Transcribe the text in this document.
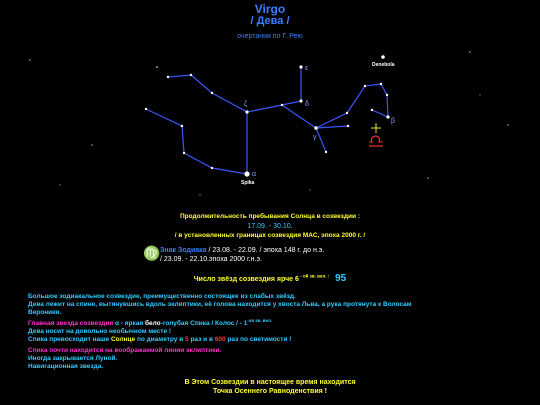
Virgo
/ Дева /
очертания по Г. Рею
ε
δ
ζ
γ
β
α
Spika
Denebola
Продолжительность пребывания Солнца в созвездии :
17.09. - 30.10.
/ в установленных границах созвездия МАС, эпоха 2000 г. /
♍ Знак Зодиака / 23.08. - 22.09. / эпоха 148 г. до н.э.
/ 23.09. - 22.10.эпоха 2000 г.н.э.
Число звёзд созвездия ярче 6 $^{- ой зв. вел. :}$ 95
Большое зодиакальное созвездие, преимущественно состоящее из слабых звёзд.
Дева лежит на спине, вытянувшись вдоль эклиптики, её голова находится у хвоста Льва, а рука протянута к Волосам
Вероники.
Главная звезда созвездия α - яркая бело-голубая Спика / Колос / - $1^{-ая зв. вел.}$
Дева носит на довольно необычном месте !
Спика превосходит наше Солнце по диаметру в 5 раз и в 600 раз по светимости !
Спика почти находится на воображаемой линии эклиптики.
Иногда закрывается Луной.
Навигационная звезда.
В Этом Созвездии в настоящее время находится
Точка Осеннего Равноденствия !
